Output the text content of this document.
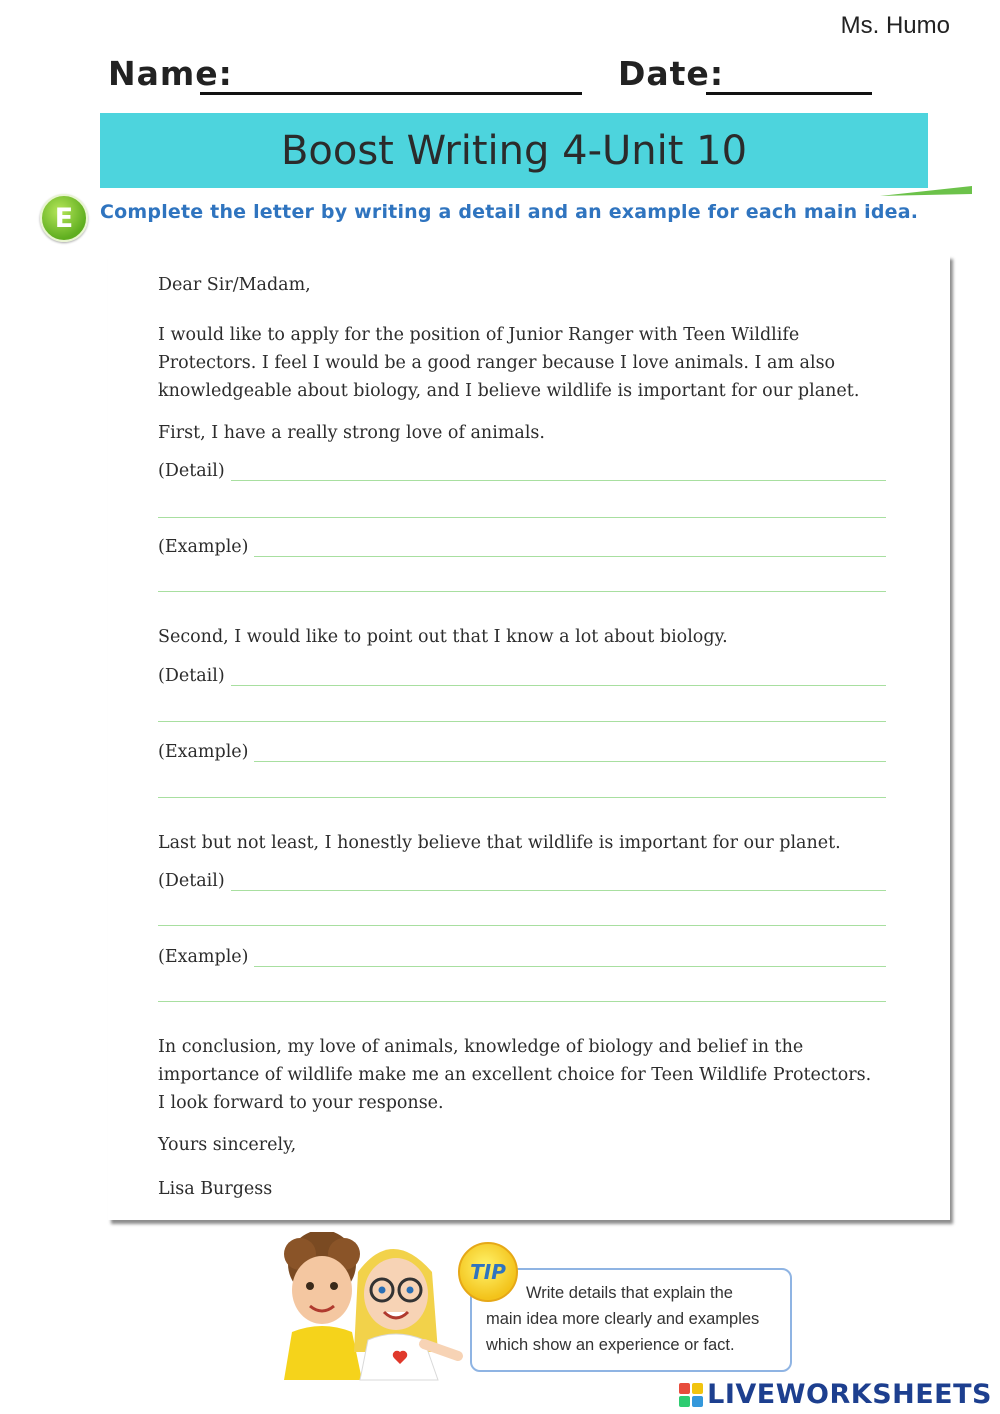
Ms. Humo
Name:	Date:
Boost Writing 4-Unit 10
E	Complete the letter by writing a detail and an example for each main idea.

Dear Sir/Madam,

I would like to apply for the position of Junior Ranger with Teen Wildlife

Protectors. I feel I would be a good ranger because I love animals. I am also

knowledgeable about biology, and I believe wildlife is important for our planet.

First, I have a really strong love of animals.

(Detail)
(Example)

Second, I would like to point out that I know a lot about biology.

(Detail)
(Example)

Last but not least, I honestly believe that wildlife is important for our planet.

(Detail)
(Example)

In conclusion, my love of animals, knowledge of biology and belief in the

importance of wildlife make me an excellent choice for Teen Wildlife Protectors.

I look forward to your response.

Yours sincerely,

Lisa Burgess

Write details that explain the
main idea more clearly and examples
which show an experience or fact.
TIP
LIVEWORKSHEETS
